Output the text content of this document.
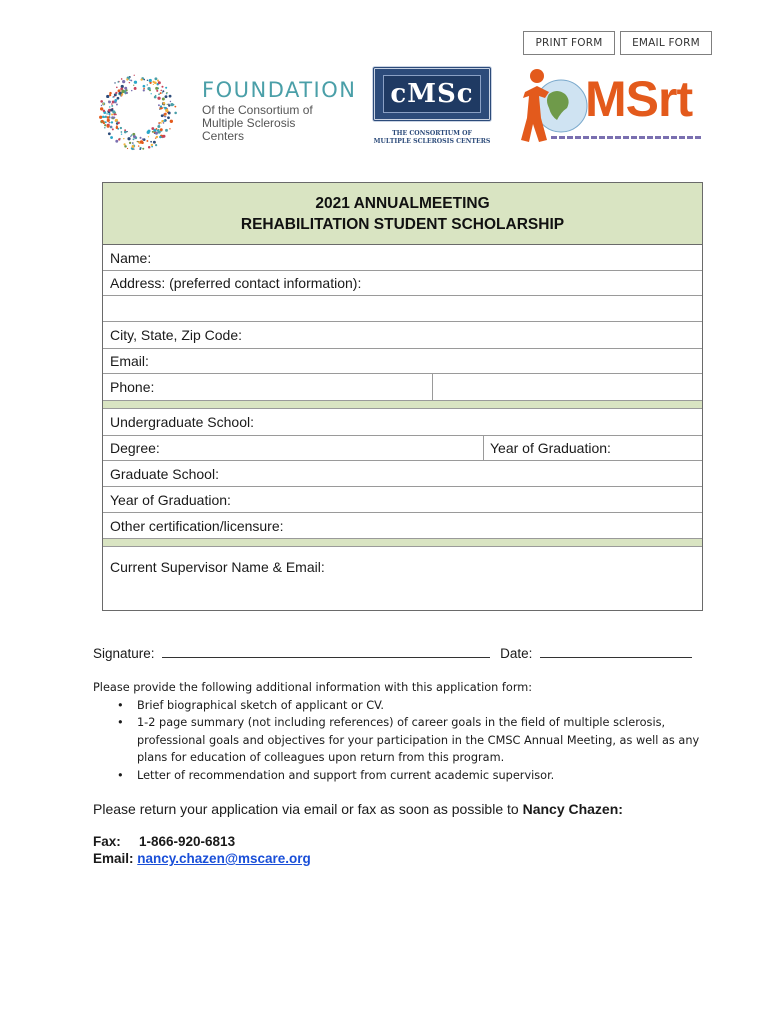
PRINT FORM	EMAIL FORM
FOUNDATION
Of the Consortium of
Multiple Sclerosis Centers
cMSc
THE CONSORTIUM OF
MULTIPLE SCLEROSIS CENTERS
MSrt
2021 ANNUALMEETING
REHABILITATION STUDENT SCHOLARSHIP
Name:
Address: (preferred contact information):
City, State, Zip Code:
Email:
Phone:
Undergraduate School:
Degree:	Year of Graduation:
Graduate School:
Year of Graduation:
Other certification/licensure:
Current Supervisor Name & Email:
Signature:	Date:
Please provide the following additional information with this application form:
• Brief biographical sketch of applicant or CV.
• 1-2 page summary (not including references) of career goals in the field of multiple sclerosis, professional goals and objectives for your participation in the CMSC Annual Meeting, as well as any plans for education of colleagues upon return from this program.
• Letter of recommendation and support from current academic supervisor.
Please return your application via email or fax as soon as possible to Nancy Chazen:
Fax: 1-866-920-6813
Email: nancy.chazen@mscare.org
